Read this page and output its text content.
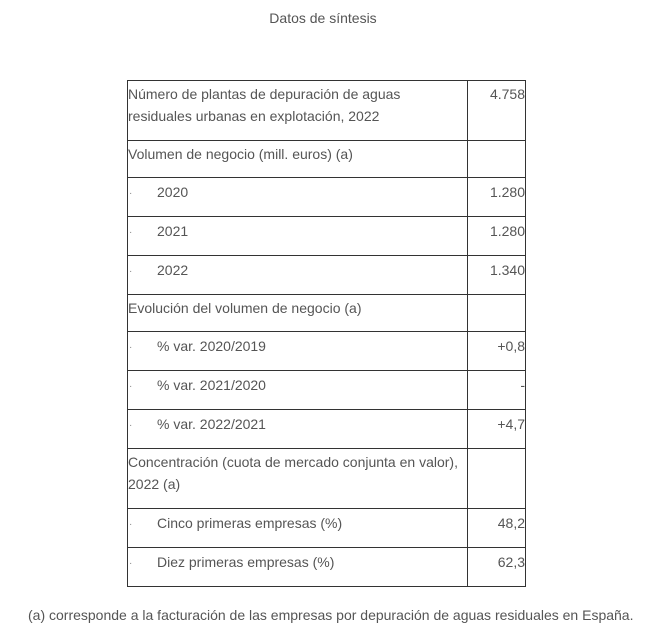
Datos de síntesis
Número de plantas de depuración de aguas residuales urbanas en explotación, 2022	4.758
Volumen de negocio (mill. euros) (a)	
· 2020	1.280
· 2021	1.280
· 2022	1.340
Evolución del volumen de negocio (a)	
· % var. 2020/2019	+0,8
· % var. 2021/2020	-
· % var. 2022/2021	+4,7
Concentración (cuota de mercado conjunta en valor), 2022 (a)	
· Cinco primeras empresas (%)	48,2
· Diez primeras empresas (%)	62,3
(a) corresponde a la facturación de las empresas por depuración de aguas residuales en España.
